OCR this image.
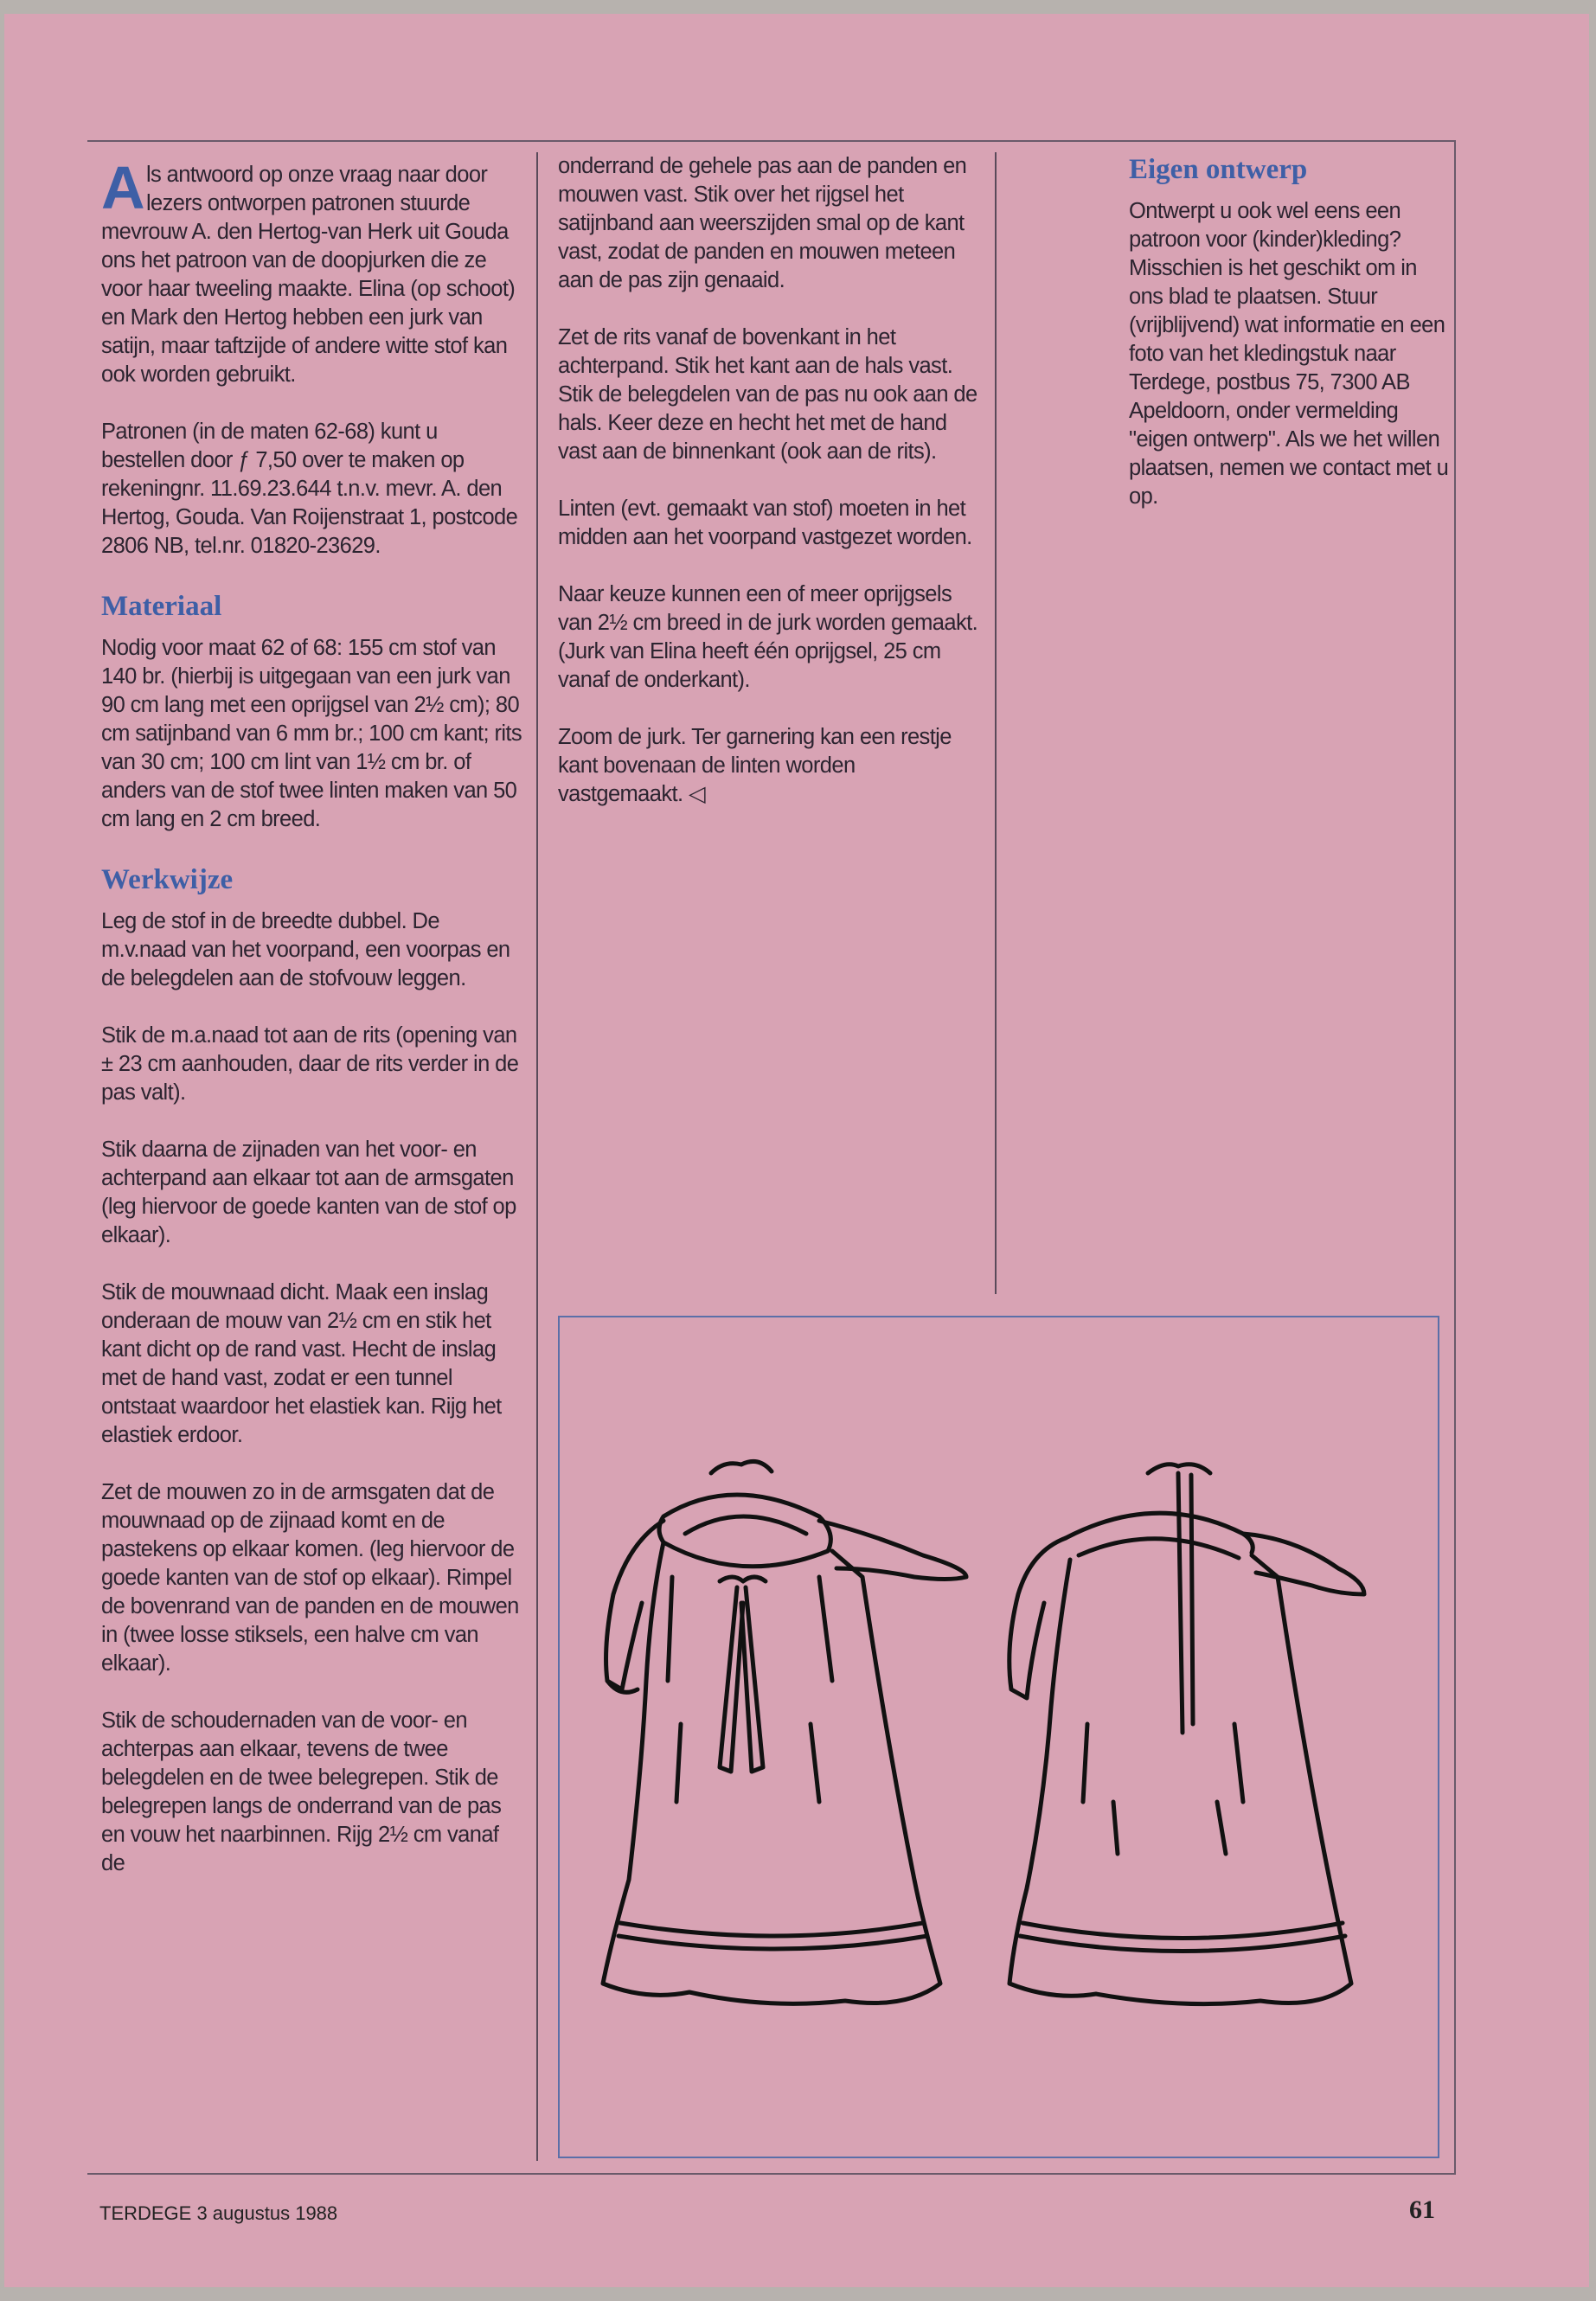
Als antwoord op onze vraag naar door lezers ontworpen patronen stuurde mevrouw A. den Hertog-van Herk uit Gouda ons het patroon van de doopjurken die ze voor haar tweeling maakte. Elina (op schoot) en Mark den Hertog hebben een jurk van satijn, maar taftzijde of andere witte stof kan ook worden gebruikt.

Patronen (in de maten 62-68) kunt u bestellen door ƒ 7,50 over te maken op rekeningnr. 11.69.23.644 t.n.v. mevr. A. den Hertog, Gouda. Van Roijenstraat 1, postcode 2806 NB, tel.nr. 01820-23629.

Materiaal

Nodig voor maat 62 of 68: 155 cm stof van 140 br. (hierbij is uitgegaan van een jurk van 90 cm lang met een oprijgsel van 2½ cm); 80 cm satijnband van 6 mm br.; 100 cm kant; rits van 30 cm; 100 cm lint van 1½ cm br. of anders van de stof twee linten maken van 50 cm lang en 2 cm breed.

Werkwijze

Leg de stof in de breedte dubbel. De m.v.naad van het voorpand, een voorpas en de belegdelen aan de stofvouw leggen.

Stik de m.a.naad tot aan de rits (opening van ± 23 cm aanhouden, daar de rits verder in de pas valt).

Stik daarna de zijnaden van het voor- en achterpand aan elkaar tot aan de armsgaten (leg hiervoor de goede kanten van de stof op elkaar).

Stik de mouwnaad dicht. Maak een inslag onderaan de mouw van 2½ cm en stik het kant dicht op de rand vast. Hecht de inslag met de hand vast, zodat er een tunnel ontstaat waardoor het elastiek kan. Rijg het elastiek erdoor.

Zet de mouwen zo in de armsgaten dat de mouwnaad op de zijnaad komt en de pastekens op elkaar komen. (leg hiervoor de goede kanten van de stof op elkaar). Rimpel de bovenrand van de panden en de mouwen in (twee losse stiksels, een halve cm van elkaar).

Stik de schoudernaden van de voor- en achterpas aan elkaar, tevens de twee belegdelen en de twee belegrepen. Stik de belegrepen langs de onderrand van de pas en vouw het naarbinnen. Rijg 2½ cm vanaf de

onderrand de gehele pas aan de panden en mouwen vast. Stik over het rijgsel het satijnband aan weerszijden smal op de kant vast, zodat de panden en mouwen meteen aan de pas zijn genaaid.

Zet de rits vanaf de bovenkant in het achterpand. Stik het kant aan de hals vast. Stik de belegdelen van de pas nu ook aan de hals. Keer deze en hecht het met de hand vast aan de binnenkant (ook aan de rits).

Linten (evt. gemaakt van stof) moeten in het midden aan het voorpand vastgezet worden.

Naar keuze kunnen een of meer oprijgsels van 2½ cm breed in de jurk worden gemaakt. (Jurk van Elina heeft één oprijgsel, 25 cm vanaf de onderkant).

Zoom de jurk. Ter garnering kan een restje kant bovenaan de linten worden vastgemaakt. ◁

Eigen ontwerp

Ontwerpt u ook wel eens een patroon voor (kinder)kleding? Misschien is het geschikt om in ons blad te plaatsen. Stuur (vrijblijvend) wat informatie en een foto van het kledingstuk naar Terdege, postbus 75, 7300 AB Apeldoorn, onder vermelding "eigen ontwerp". Als we het willen plaatsen, nemen we contact met u op.

TERDEGE 3 augustus 1988	61
